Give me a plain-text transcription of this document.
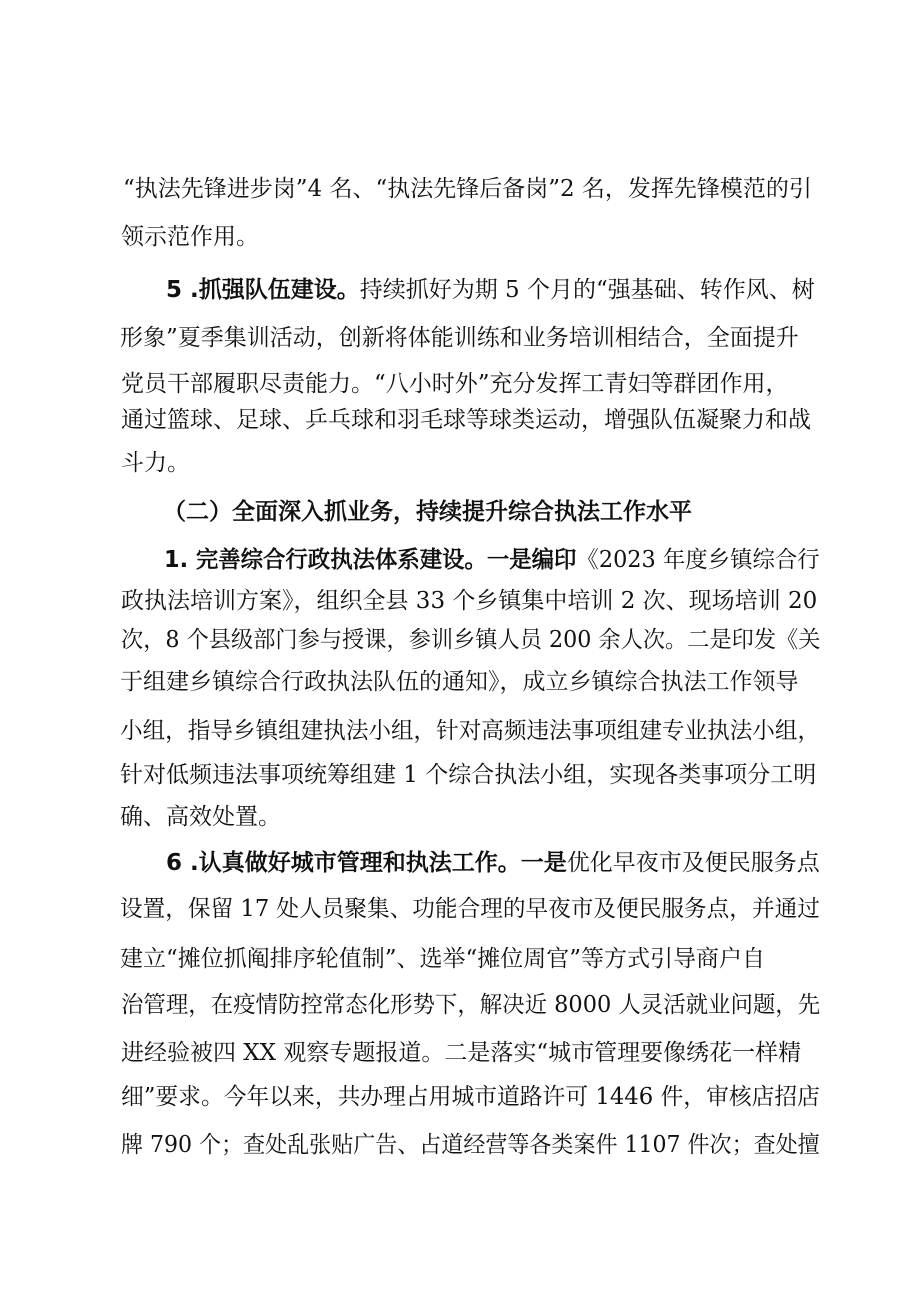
“执法先锋进步岗”4 名、“执法先锋后备岗”2 名，发挥先锋模范的引
领示范作用。
5 .抓强队伍建设。持续抓好为期 5 个月的“强基础、转作风、树
形象”夏季集训活动，创新将体能训练和业务培训相结合，全面提升
党员干部履职尽责能力。“八小时外”充分发挥工青妇等群团作用，
通过篮球、足球、乒乓球和羽毛球等球类运动，增强队伍凝聚力和战
斗力。
（二）全面深入抓业务，持续提升综合执法工作水平
1. 完善综合行政执法体系建设。一是编印《2023 年度乡镇综合行
政执法培训方案》，组织全县 33 个乡镇集中培训 2 次、现场培训 20
次，8 个县级部门参与授课，参训乡镇人员 200 余人次。二是印发《关
于组建乡镇综合行政执法队伍的通知》，成立乡镇综合执法工作领导
小组，指导乡镇组建执法小组，针对高频违法事项组建专业执法小组，
针对低频违法事项统筹组建 1 个综合执法小组，实现各类事项分工明
确、高效处置。
6 .认真做好城市管理和执法工作。一是优化早夜市及便民服务点
设置，保留 17 处人员聚集、功能合理的早夜市及便民服务点，并通过
建立“摊位抓阄排序轮值制”、选举“摊位周官”等方式引导商户自
治管理，在疫情防控常态化形势下，解决近 8000 人灵活就业问题，先
进经验被四 XX 观察专题报道。二是落实“城市管理要像绣花一样精
细”要求。今年以来，共办理占用城市道路许可 1446 件，审核店招店
牌 790 个；查处乱张贴广告、占道经营等各类案件 1107 件次；查处擅
